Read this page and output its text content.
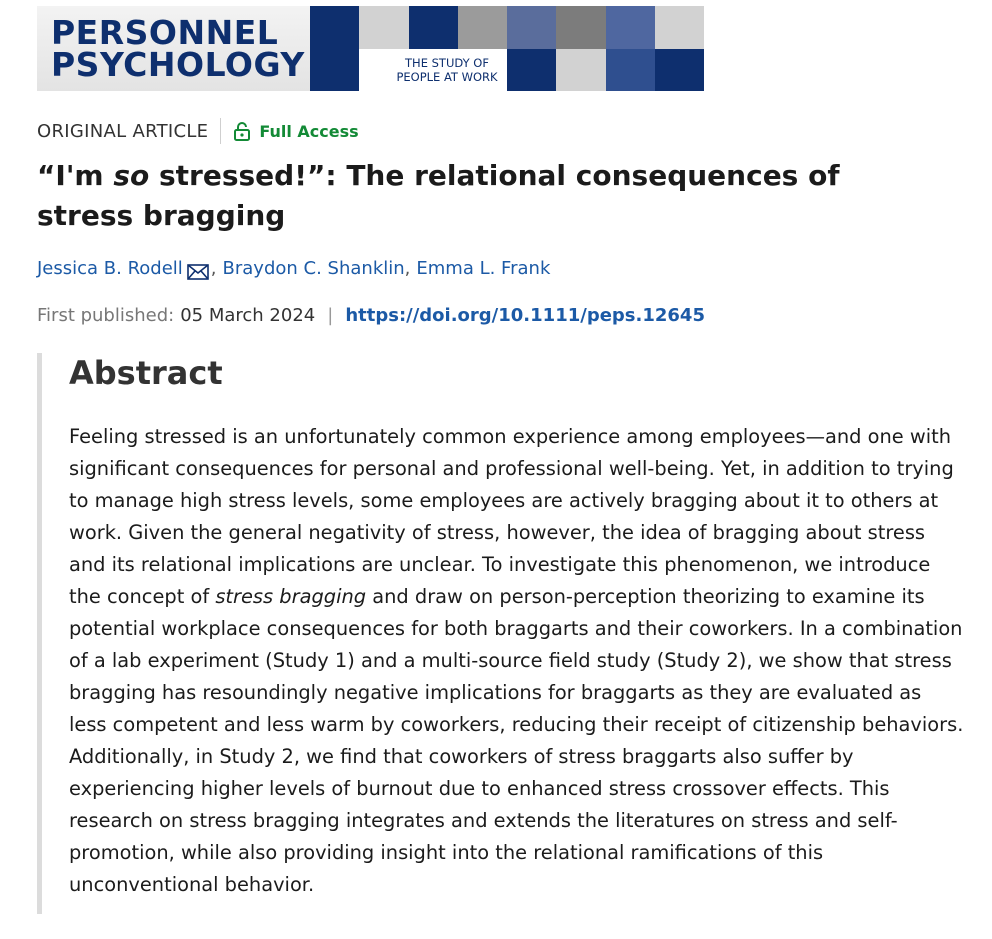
PERSONNEL
PSYCHOLOGY	THE STUDY OF
PEOPLE AT WORK
ORIGINAL ARTICLE	Full Access
“I'm so stressed!”: The relational consequences of stress bragging
Jessica B. Rodell , Braydon C. Shanklin , Emma L. Frank
First published: 05 March 2024 | https://doi.org/10.1111/peps.12645
Abstract

Feeling stressed is an unfortunately common experience among employees—and one with significant consequences for personal and professional well-being. Yet, in addition to trying to manage high stress levels, some employees are actively bragging about it to others at work. Given the general negativity of stress, however, the idea of bragging about stress and its relational implications are unclear. To investigate this phenomenon, we introduce the concept of stress bragging and draw on person-perception theorizing to examine its potential workplace consequences for both braggarts and their coworkers. In a combination of a lab experiment (Study 1) and a multi-source field study (Study 2), we show that stress bragging has resoundingly negative implications for braggarts as they are evaluated as less competent and less warm by coworkers, reducing their receipt of citizenship behaviors. Additionally, in Study 2, we find that coworkers of stress braggarts also suffer by experiencing higher levels of burnout due to enhanced stress crossover effects. This research on stress bragging integrates and extends the literatures on stress and self-promotion, while also providing insight into the relational ramifications of this unconventional behavior.
